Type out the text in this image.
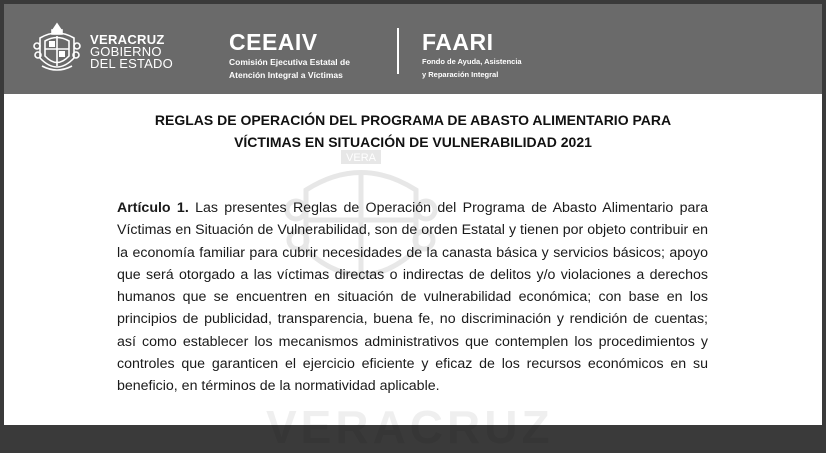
VERACRUZ
GOBIERNO
DEL ESTADO
CEEAIV
Comisión Ejecutiva Estatal de
Atención Integral a Víctimas
FAARI
Fondo de Ayuda, Asistencia
y Reparación Integral
VERA
VERACRUZ
REGLAS DE OPERACIÓN DEL PROGRAMA DE ABASTO ALIMENTARIO PARA
VÍCTIMAS EN SITUACIÓN DE VULNERABILIDAD 2021
Artículo 1. Las presentes Reglas de Operación del Programa de Abasto Alimentario para Víctimas en Situación de Vulnerabilidad, son de orden Estatal y tienen por objeto contribuir en la economía familiar para cubrir necesidades de la canasta básica y servicios básicos; apoyo que será otorgado a las víctimas directas o indirectas de delitos y/o violaciones a derechos humanos que se encuentren en situación de vulnerabilidad económica; con base en los principios de publicidad, transparencia, buena fe, no discriminación y rendición de cuentas; así como establecer los mecanismos administrativos que contemplen los procedimientos y controles que garanticen el ejercicio eficiente y eficaz de los recursos económicos en su beneficio, en términos de la normatividad aplicable.
